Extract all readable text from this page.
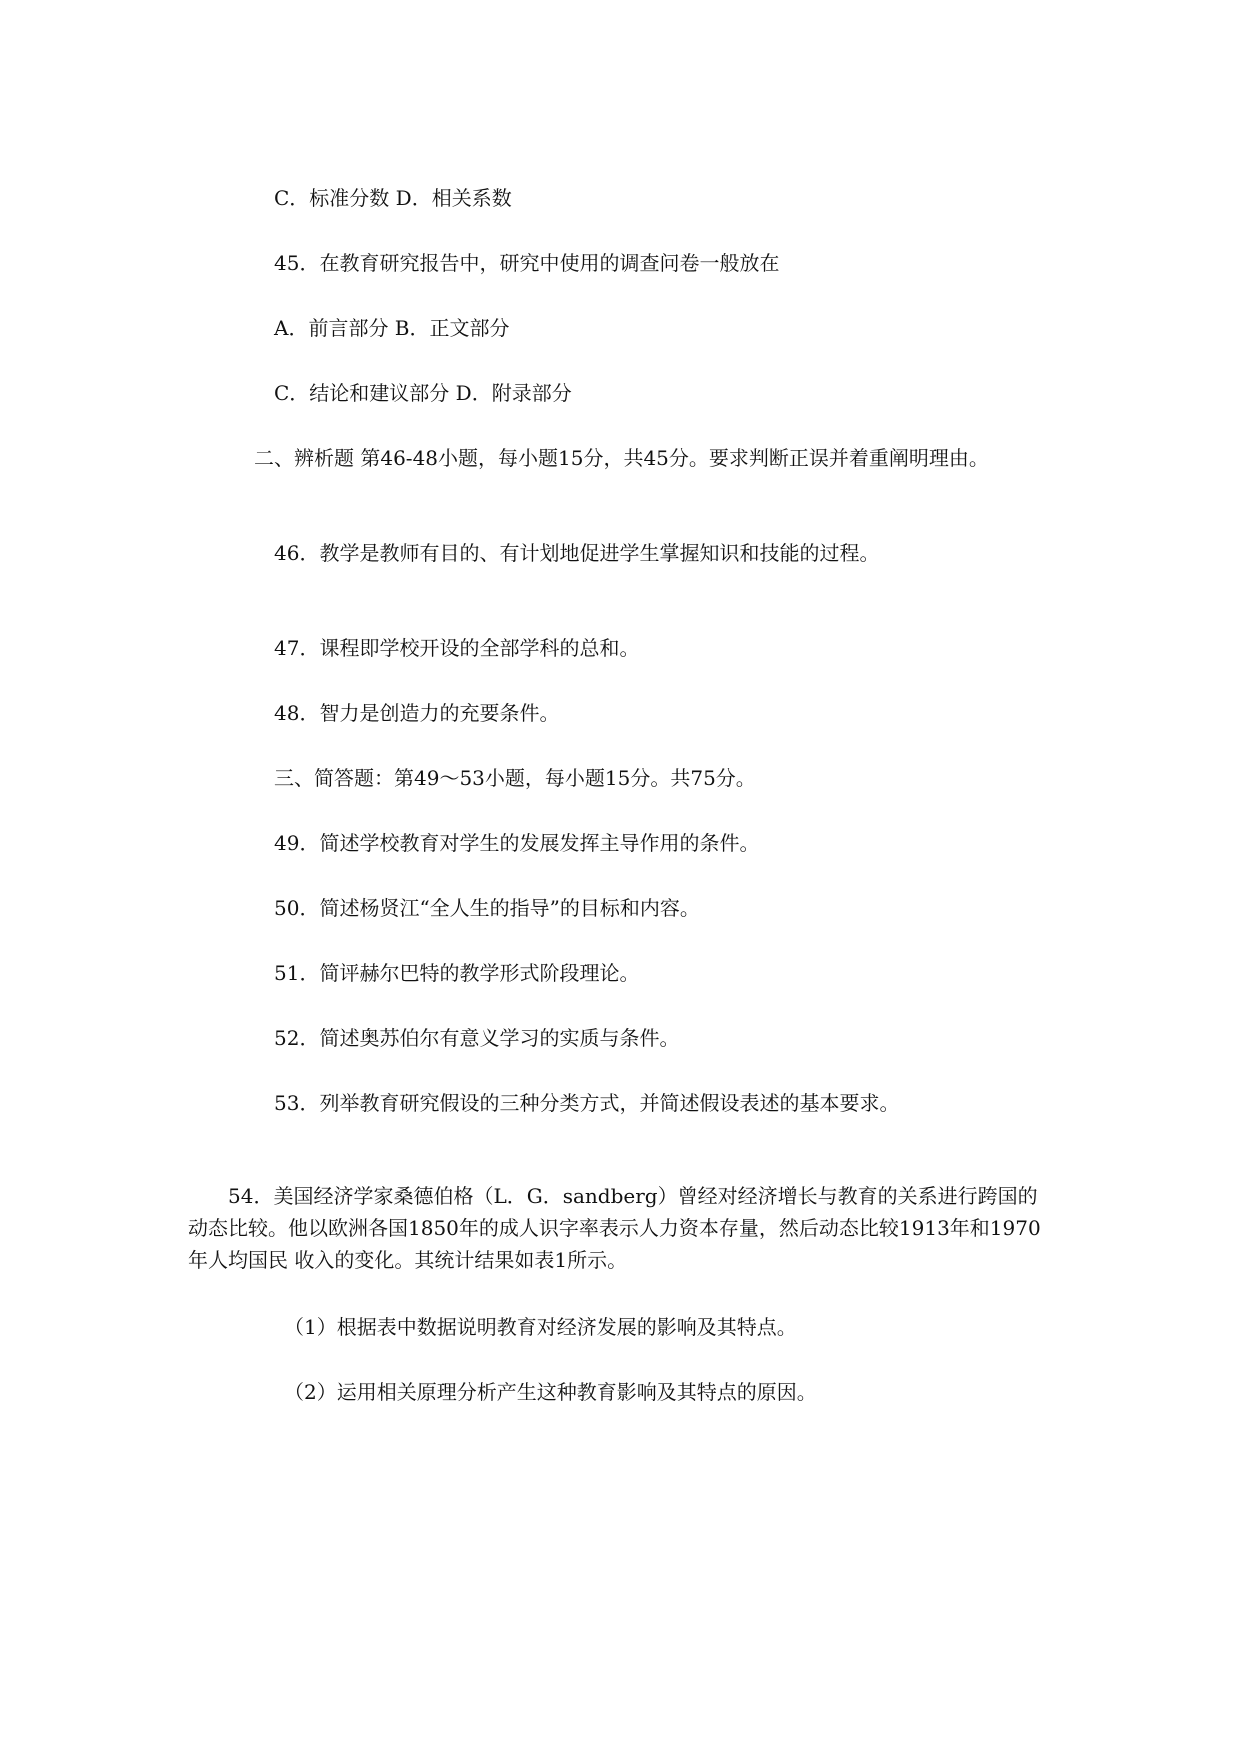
C．标准分数 D．相关系数

45．在教育研究报告中，研究中使用的调查问卷一般放在

A．前言部分 B．正文部分

C．结论和建议部分 D．附录部分

二、辨析题 第46-48小题，每小题15分，共45分。要求判断正误并着重阐明理由。

46．教学是教师有目的、有计划地促进学生掌握知识和技能的过程。

47．课程即学校开设的全部学科的总和。

48．智力是创造力的充要条件。

三、简答题：第49～53小题，每小题15分。共75分。

49．简述学校教育对学生的发展发挥主导作用的条件。

50．简述杨贤江“全人生的指导”的目标和内容。

51．简评赫尔巴特的教学形式阶段理论。

52．简述奥苏伯尔有意义学习的实质与条件。

53．列举教育研究假设的三种分类方式，并简述假设表述的基本要求。

54．美国经济学家桑德伯格（L．G．sandberg）曾经对经济增长与教育的关系进行跨国的动态比较。他以欧洲各国1850年的成人识字率表示人力资本存量，然后动态比较1913年和1970年人均国民 收入的变化。其统计结果如表1所示。

（1）根据表中数据说明教育对经济发展的影响及其特点。

（2）运用相关原理分析产生这种教育影响及其特点的原因。
